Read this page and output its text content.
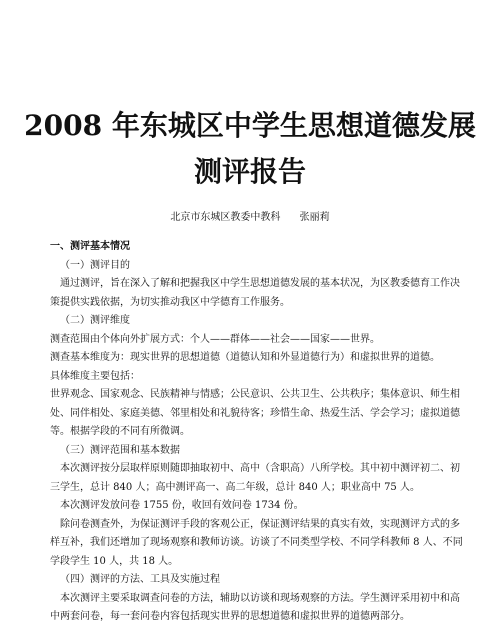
2008 年东城区中学生思想道德发展
测评报告
北京市东城区教委中教科 张丽莉

一、测评基本情况

（一）测评目的

通过测评，旨在深入了解和把握我区中学生思想道德发展的基本状况，为区教委德育工作决策提供实践依据，为切实推动我区中学德育工作服务。

（二）测评维度

测查范围由个体向外扩展方式：个人——群体——社会——国家——世界。

测查基本维度为：现实世界的思想道德（道德认知和外显道德行为）和虚拟世界的道德。

具体维度主要包括：

世界观念、国家观念、民族精神与情感；公民意识、公共卫生、公共秩序；集体意识、师生相处、同伴相处、家庭美德、邻里相处和礼貌待客；珍惜生命、热爱生活、学会学习；虚拟道德等。根据学段的不同有所微调。

（三）测评范围和基本数据

本次测评按分层取样原则随即抽取初中、高中（含职高）八所学校。其中初中测评初二、初三学生，总计 840 人；高中测评高一、高二年级，总计 840 人；职业高中 75 人。

本次测评发放问卷 1755 份，收回有效问卷 1734 份。

除问卷测查外，为保证测评手段的客观公正，保证测评结果的真实有效，实现测评方式的多样互补，我们还增加了现场观察和教师访谈。访谈了不同类型学校、不同学科教师 8 人、不同学段学生 10 人，共 18 人。

（四）测评的方法、工具及实施过程

本次测评主要采取调查问卷的方法，辅助以访谈和现场观察的方法。学生测评采用初中和高中两套问卷，每一套问卷内容包括现实世界的思想道德和虚拟世界的道德两部分。
